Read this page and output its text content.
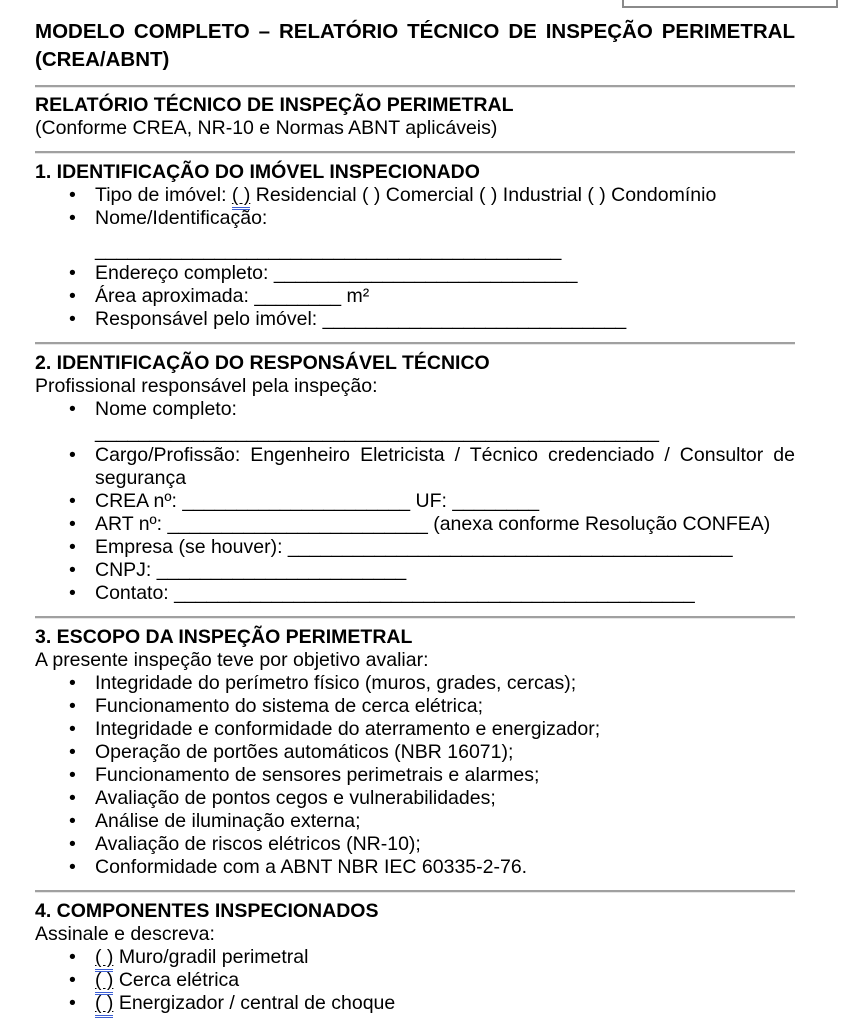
MODELO COMPLETO – RELATÓRIO TÉCNICO DE INSPEÇÃO PERIMETRAL (CREA/ABNT)
RELATÓRIO TÉCNICO DE INSPEÇÃO PERIMETRAL

(Conforme CREA, NR-10 e Normas ABNT aplicáveis)

1. IDENTIFICAÇÃO DO IMÓVEL INSPECIONADO
• Tipo de imóvel: ( ) Residencial ( ) Comercial ( ) Industrial ( ) Condomínio
• Nome/Identificação:
___________________________________________
• Endereço completo: ____________________________
• Área aproximada: ________ m²
• Responsável pelo imóvel: ____________________________
2. IDENTIFICAÇÃO DO RESPONSÁVEL TÉCNICO

Profissional responsável pela inspeção:

• Nome completo: ____________________________________________________
• Cargo/Profissão: Engenheiro Eletricista / Técnico credenciado / Consultor de segurança
• CREA nº: _____________________ UF: ________
• ART nº: ________________________ (anexa conforme Resolução CONFEA)
• Empresa (se houver): _________________________________________
• CNPJ: _______________________
• Contato: ________________________________________________
3. ESCOPO DA INSPEÇÃO PERIMETRAL

A presente inspeção teve por objetivo avaliar:

• Integridade do perímetro físico (muros, grades, cercas);
• Funcionamento do sistema de cerca elétrica;
• Integridade e conformidade do aterramento e energizador;
• Operação de portões automáticos (NBR 16071);
• Funcionamento de sensores perimetrais e alarmes;
• Avaliação de pontos cegos e vulnerabilidades;
• Análise de iluminação externa;
• Avaliação de riscos elétricos (NR-10);
• Conformidade com a ABNT NBR IEC 60335-2-76.
4. COMPONENTES INSPECIONADOS

Assinale e descreva:

• ( ) Muro/gradil perimetral
• ( ) Cerca elétrica
• ( ) Energizador / central de choque
